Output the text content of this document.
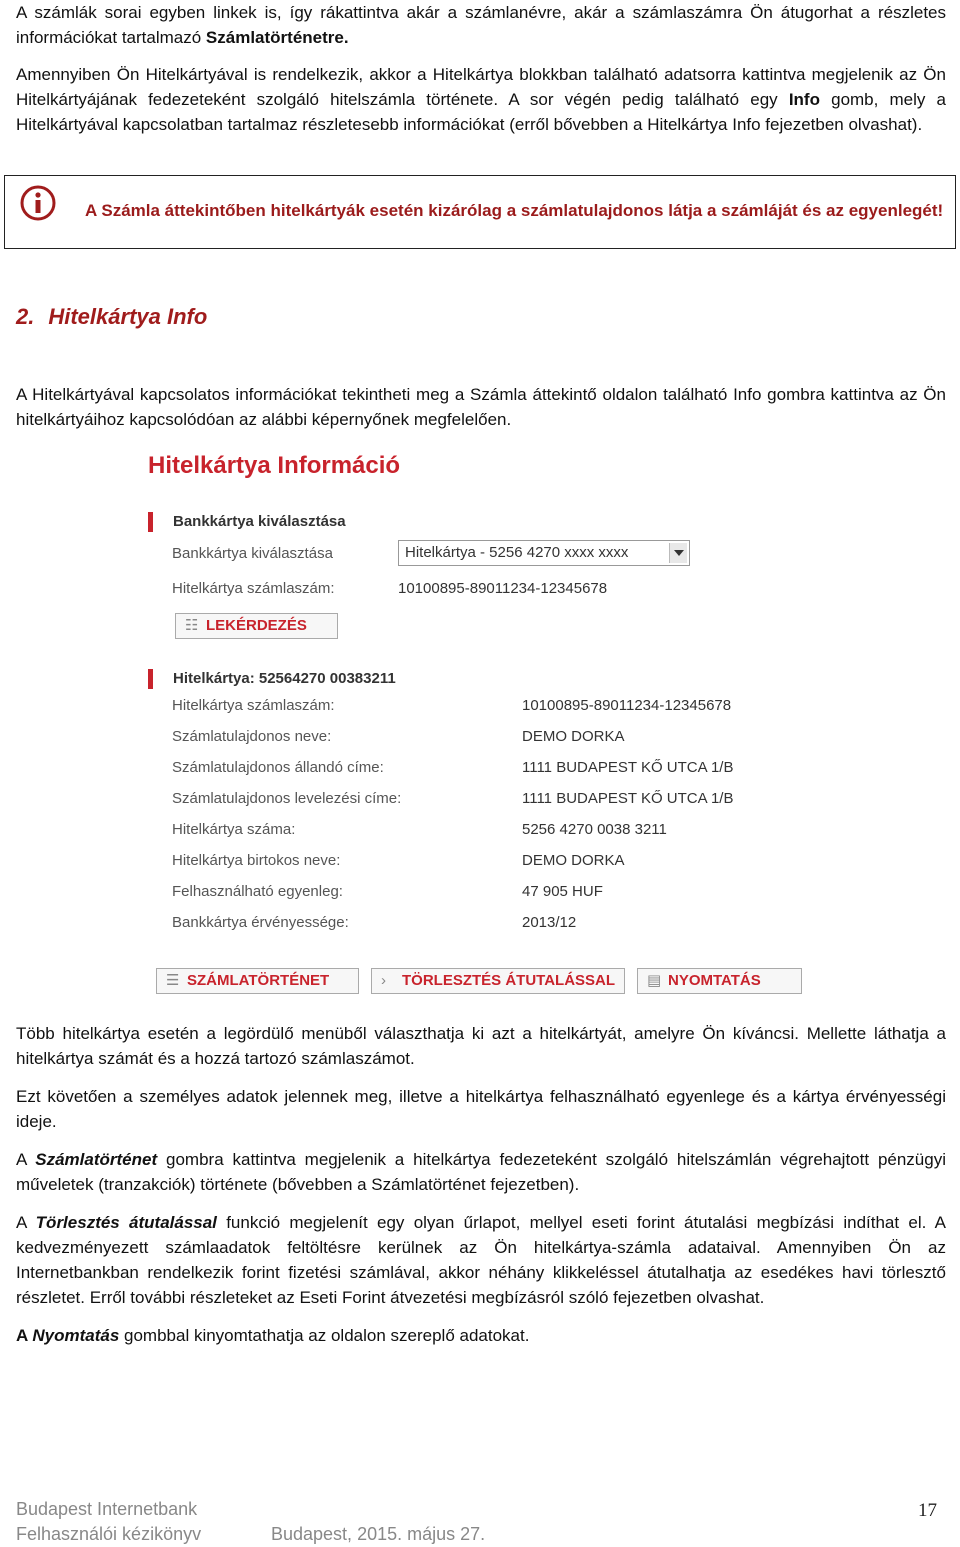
A számlák sorai egyben linkek is, így rákattintva akár a számlanévre, akár a számlaszámra Ön átugorhat a részletes információkat tartalmazó Számlatörténetre.

Amennyiben Ön Hitelkártyával is rendelkezik, akkor a Hitelkártya blokkban található adatsorra kattintva megjelenik az Ön Hitelkártyájának fedezeteként szolgáló hitelszámla története. A sor végén pedig található egy Info gomb, mely a Hitelkártyával kapcsolatban tartalmaz részletesebb információkat (erről bővebben a Hitelkártya Info fejezetben olvashat).

A Számla áttekintőben hitelkártyák esetén kizárólag a számlatulajdonos látja a számláját és az egyenlegét!
2. Hitelkártya Info

A Hitelkártyával kapcsolatos információkat tekintheti meg a Számla áttekintő oldalon található Info gombra kattintva az Ön hitelkártyáihoz kapcsolódóan az alábbi képernyőnek megfelelően.

Hitelkártya Információ
Bankkártya kiválasztása
Bankkártya kiválasztása	Hitelkártya - 5256 4270 xxxx xxxx
Hitelkártya számlaszám:	10100895-89011234-12345678
☷ LEKÉRDEZÉS
Hitelkártya: 52564270 00383211
Hitelkártya számlaszám:	10100895-89011234-12345678
Számlatulajdonos neve:	DEMO DORKA
Számlatulajdonos állandó címe:	1111 BUDAPEST KŐ UTCA 1/B
Számlatulajdonos levelezési címe:	1111 BUDAPEST KŐ UTCA 1/B
Hitelkártya száma:	5256 4270 0038 3211
Hitelkártya birtokos neve:	DEMO DORKA
Felhasználható egyenleg:	47 905 HUF
Bankkártya érvényessége:	2013/12
☰ SZÁMLATÖRTÉNET	› TÖRLESZTÉS ÁTUTALÁSSAL ▤ NYOMTATÁS

Több hitelkártya esetén a legördülő menüből választhatja ki azt a hitelkártyát, amelyre Ön kíváncsi. Mellette láthatja a hitelkártya számát és a hozzá tartozó számlaszámot.

Ezt követően a személyes adatok jelennek meg, illetve a hitelkártya felhasználható egyenlege és a kártya érvényességi ideje.

A Számlatörténet gombra kattintva megjelenik a hitelkártya fedezeteként szolgáló hitelszámlán végrehajtott pénzügyi műveletek (tranzakciók) története (bővebben a Számlatörténet fejezetben).

A Törlesztés átutalással funkció megjelenít egy olyan űrlapot, mellyel eseti forint átutalási megbízási indíthat el. A kedvezményezett számlaadatok feltöltésre kerülnek az Ön hitelkártya-számla adataival. Amennyiben Ön az Internetbankban rendelkezik forint fizetési számlával, akkor néhány klikkeléssel átutalhatja az esedékes havi törlesztő részletet. Erről további részleteket az Eseti Forint átvezetési megbízásról szóló fejezetben olvashat.

A Nyomtatás gombbal kinyomtathatja az oldalon szereplő adatokat.

Budapest Internetbank
Felhasználói kézikönyv	Budapest, 2015. május 27.
17
